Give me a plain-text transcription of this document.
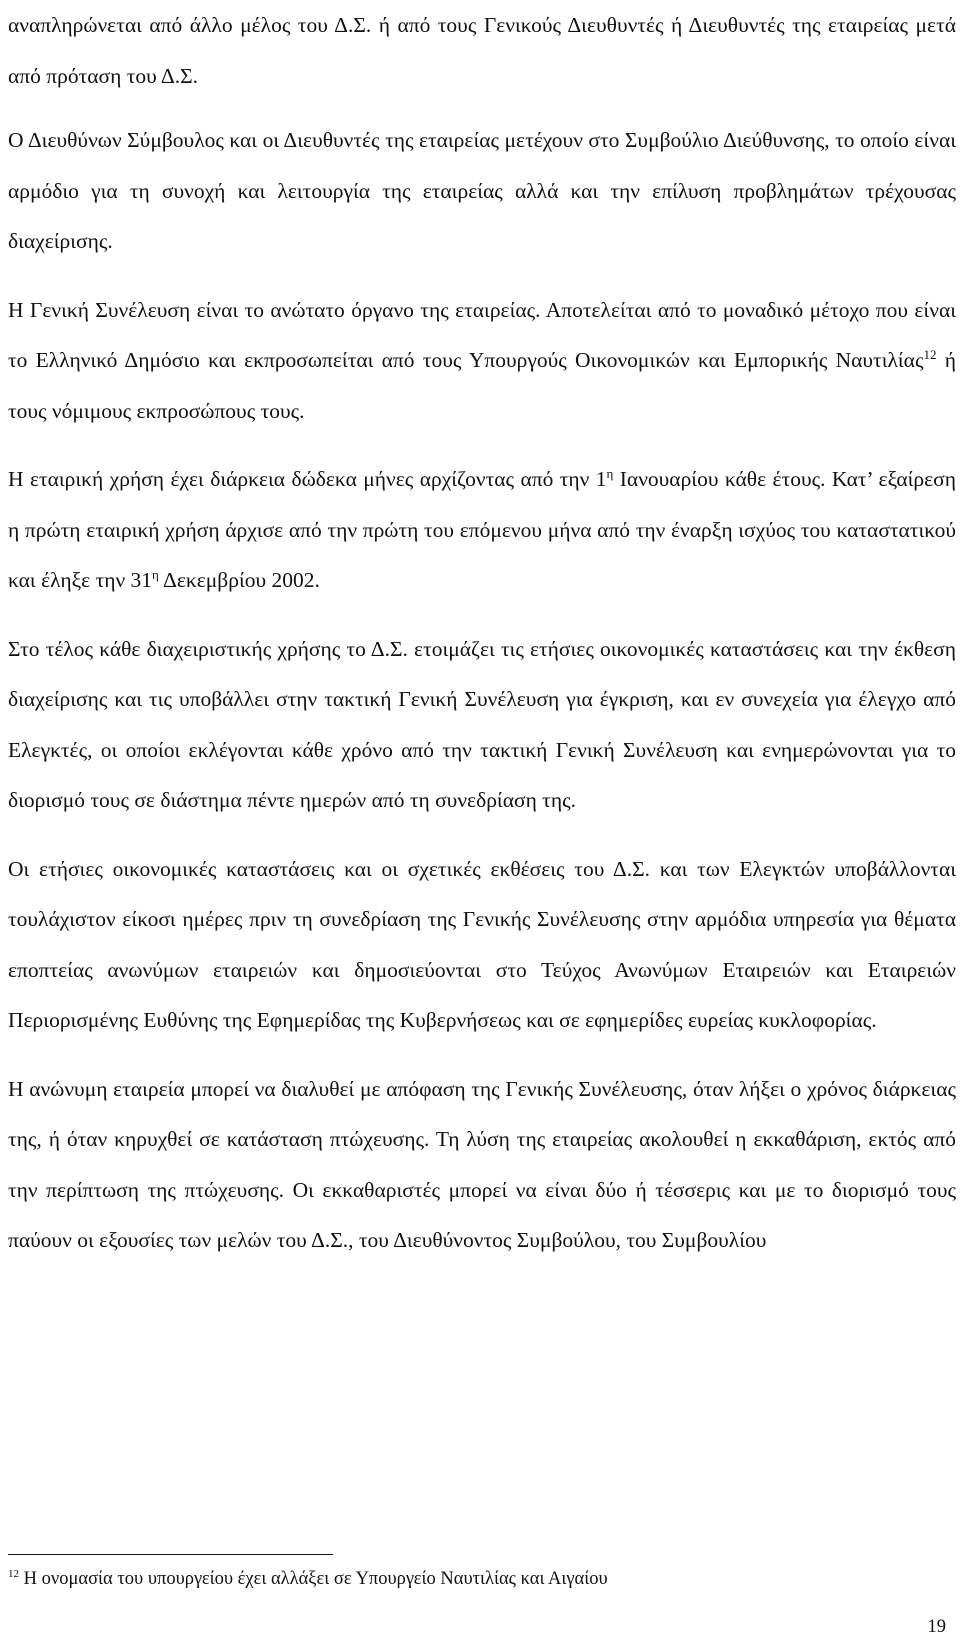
αναπληρώνεται από άλλο μέλος του Δ.Σ. ή από τους Γενικούς Διευθυντές ή Διευθυντές της εταιρείας μετά από πρόταση του Δ.Σ.

Ο Διευθύνων Σύμβουλος και οι Διευθυντές της εταιρείας μετέχουν στο Συμβούλιο Διεύθυνσης, το οποίο είναι αρμόδιο για τη συνοχή και λειτουργία της εταιρείας αλλά και την επίλυση προβλημάτων τρέχουσας διαχείρισης.

Η Γενική Συνέλευση είναι το ανώτατο όργανο της εταιρείας. Αποτελείται από το μοναδικό μέτοχο που είναι το Ελληνικό Δημόσιο και εκπροσωπείται από τους Υπουργούς Οικονομικών και Εμπορικής Ναυτιλίας$^{12}$ ή τους νόμιμους εκπροσώπους τους.

Η εταιρική χρήση έχει διάρκεια δώδεκα μήνες αρχίζοντας από την $1^\eta$ Ιανουαρίου κάθε έτους. Κατ’ εξαίρεση η πρώτη εταιρική χρήση άρχισε από την πρώτη του επόμενου μήνα από την έναρξη ισχύος του καταστατικού και έληξε την $31^\eta$ Δεκεμβρίου 2002.

Στο τέλος κάθε διαχειριστικής χρήσης το Δ.Σ. ετοιμάζει τις ετήσιες οικονομικές καταστάσεις και την έκθεση διαχείρισης και τις υποβάλλει στην τακτική Γενική Συνέλευση για έγκριση, και εν συνεχεία για έλεγχο από Ελεγκτές, οι οποίοι εκλέγονται κάθε χρόνο από την τακτική Γενική Συνέλευση και ενημερώνονται για το διορισμό τους σε διάστημα πέντε ημερών από τη συνεδρίαση της.

Οι ετήσιες οικονομικές καταστάσεις και οι σχετικές εκθέσεις του Δ.Σ. και των Ελεγκτών υποβάλλονται τουλάχιστον είκοσι ημέρες πριν τη συνεδρίαση της Γενικής Συνέλευσης στην αρμόδια υπηρεσία για θέματα εποπτείας ανωνύμων εταιρειών και δημοσιεύονται στο Τεύχος Ανωνύμων Εταιρειών και Εταιρειών Περιορισμένης Ευθύνης της Εφημερίδας της Κυβερνήσεως και σε εφημερίδες ευρείας κυκλοφορίας.

Η ανώνυμη εταιρεία μπορεί να διαλυθεί με απόφαση της Γενικής Συνέλευσης, όταν λήξει ο χρόνος διάρκειας της, ή όταν κηρυχθεί σε κατάσταση πτώχευσης. Τη λύση της εταιρείας ακολουθεί η εκκαθάριση, εκτός από την περίπτωση της πτώχευσης. Οι εκκαθαριστές μπορεί να είναι δύο ή τέσσερις και με το διορισμό τους παύουν οι εξουσίες των μελών του Δ.Σ., του Διευθύνοντος Συμβούλου, του Συμβουλίου

$^{12}$ Η ονομασία του υπουργείου έχει αλλάξει σε Υπουργείο Ναυτιλίας και Αιγαίου
19
